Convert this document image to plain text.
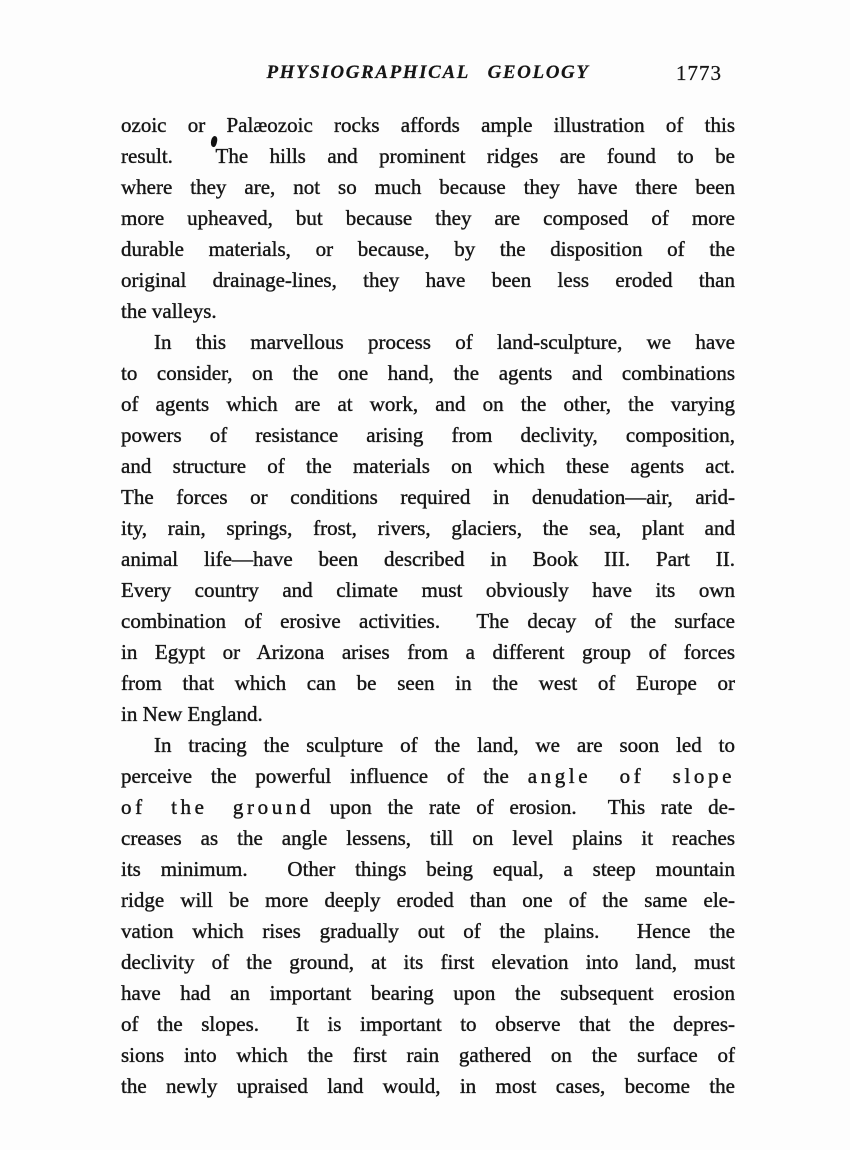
PHYSIOGRAPHICAL GEOLOGY	1773
ozoic or Palæozoic rocks affords ample illustration of this
result.  The hills and prominent ridges are found to be
where they are, not so much because they have there been
more upheaved, but because they are composed of more
durable materials, or because, by the disposition of the
original drainage-lines, they have been less eroded than
the valleys.
In this marvellous process of land-sculpture, we have
to consider, on the one hand, the agents and combinations
of agents which are at work, and on the other, the varying
powers of resistance arising from declivity, composition,
and structure of the materials on which these agents act.
The forces or conditions required in denudation—air, arid-
ity, rain, springs, frost, rivers, glaciers, the sea, plant and
animal life—have been described in Book III. Part II.
Every country and climate must obviously have its own
combination of erosive activities.  The decay of the surface
in Egypt or Arizona arises from a different group of forces
from that which can be seen in the west of Europe or
in New England.
In tracing the sculpture of the land, we are soon led to
perceive the powerful influence of the angle of slope
of the ground upon the rate of erosion.  This rate de-
creases as the angle lessens, till on level plains it reaches
its minimum.  Other things being equal, a steep mountain
ridge will be more deeply eroded than one of the same ele-
vation which rises gradually out of the plains.  Hence the
declivity of the ground, at its first elevation into land, must
have had an important bearing upon the subsequent erosion
of the slopes.  It is important to observe that the depres-
sions into which the first rain gathered on the surface of
the newly upraised land would, in most cases, become the
